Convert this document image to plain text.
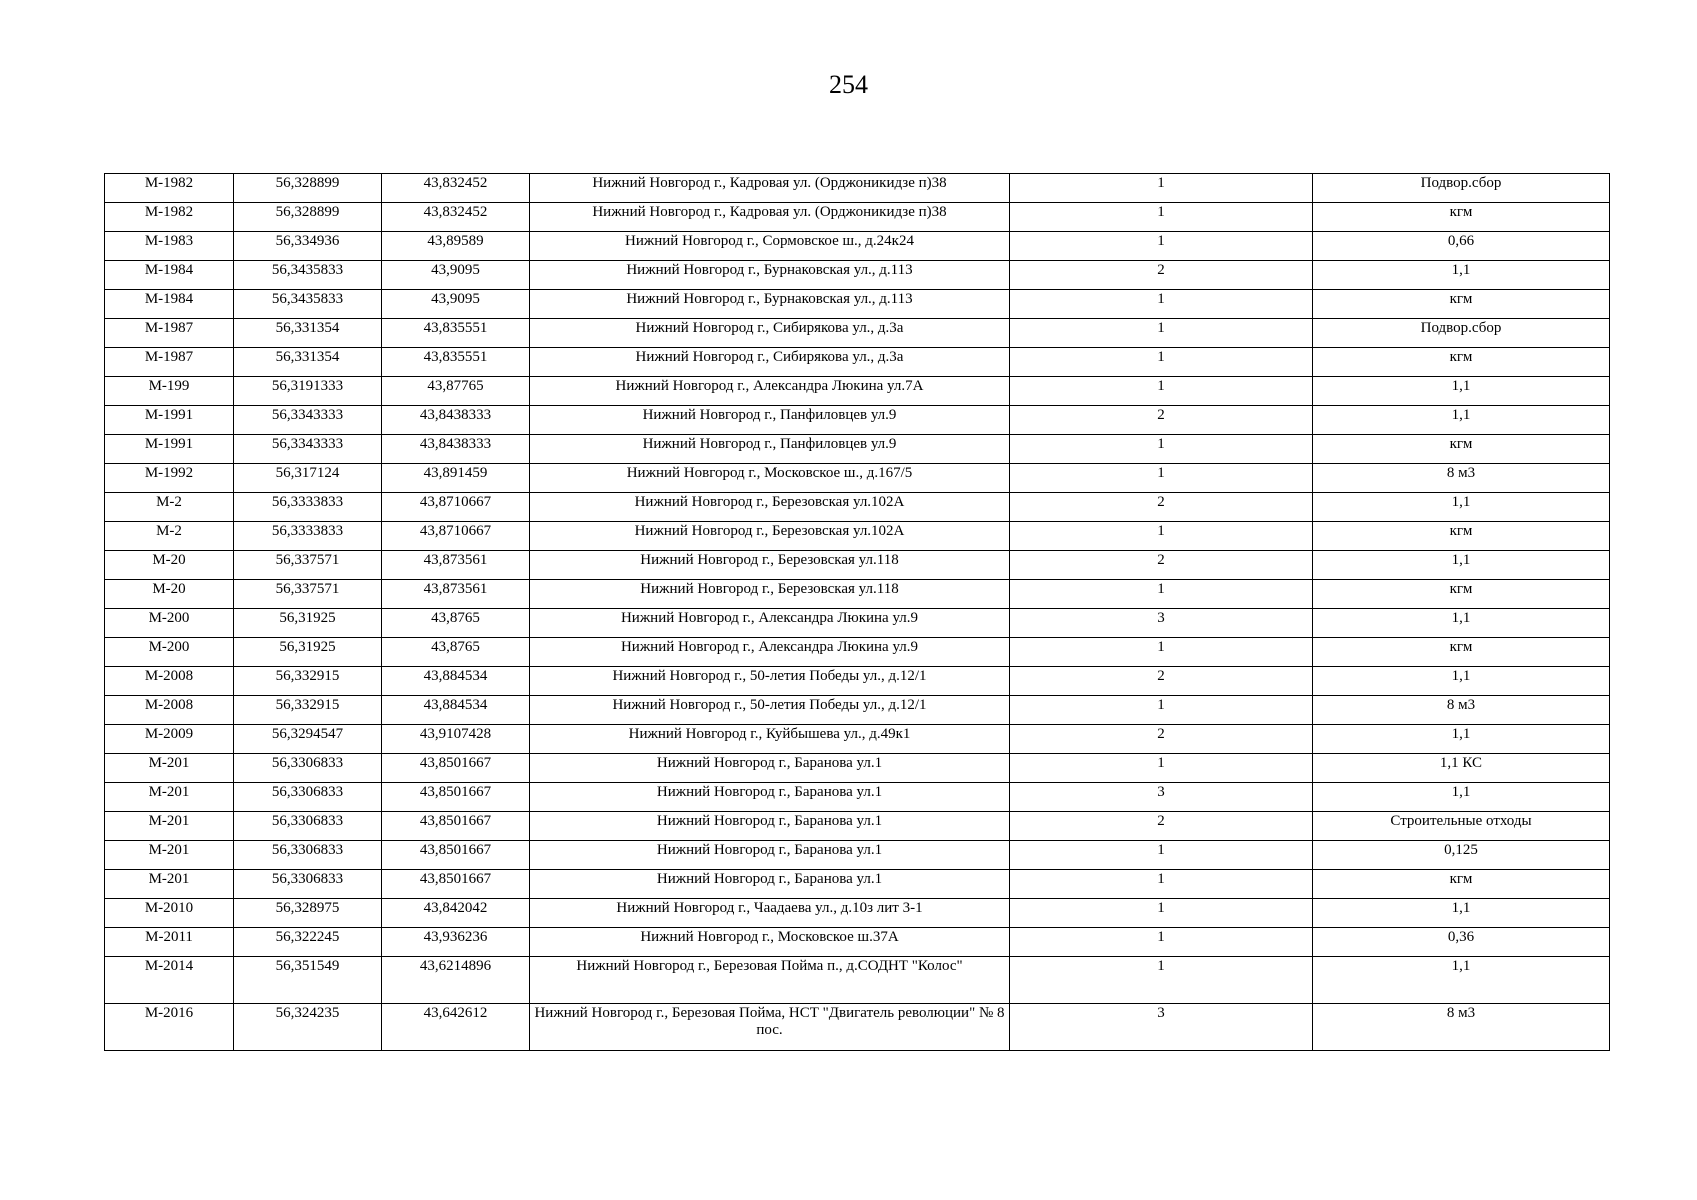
254
М-1982	56,328899	43,832452	Нижний Новгород г., Кадровая ул. (Орджоникидзе п)38	1	Подвор.сбор
М-1982	56,328899	43,832452	Нижний Новгород г., Кадровая ул. (Орджоникидзе п)38	1	кгм
М-1983	56,334936	43,89589	Нижний Новгород г., Сормовское ш., д.24к24	1	0,66
М-1984	56,3435833	43,9095	Нижний Новгород г., Бурнаковская ул., д.113	2	1,1
М-1984	56,3435833	43,9095	Нижний Новгород г., Бурнаковская ул., д.113	1	кгм
М-1987	56,331354	43,835551	Нижний Новгород г., Сибирякова ул., д.3а	1	Подвор.сбор
М-1987	56,331354	43,835551	Нижний Новгород г., Сибирякова ул., д.3а	1	кгм
М-199	56,3191333	43,87765	Нижний Новгород г., Александра Люкина ул.7А	1	1,1
М-1991	56,3343333	43,8438333	Нижний Новгород г., Панфиловцев ул.9	2	1,1
М-1991	56,3343333	43,8438333	Нижний Новгород г., Панфиловцев ул.9	1	кгм
М-1992	56,317124	43,891459	Нижний Новгород г., Московское ш., д.167/5	1	8 м3
М-2	56,3333833	43,8710667	Нижний Новгород г., Березовская ул.102А	2	1,1
М-2	56,3333833	43,8710667	Нижний Новгород г., Березовская ул.102А	1	кгм
М-20	56,337571	43,873561	Нижний Новгород г., Березовская ул.118	2	1,1
М-20	56,337571	43,873561	Нижний Новгород г., Березовская ул.118	1	кгм
М-200	56,31925	43,8765	Нижний Новгород г., Александра Люкина ул.9	3	1,1
М-200	56,31925	43,8765	Нижний Новгород г., Александра Люкина ул.9	1	кгм
М-2008	56,332915	43,884534	Нижний Новгород г., 50-летия Победы ул., д.12/1	2	1,1
М-2008	56,332915	43,884534	Нижний Новгород г., 50-летия Победы ул., д.12/1	1	8 м3
М-2009	56,3294547	43,9107428	Нижний Новгород г., Куйбышева ул., д.49к1	2	1,1
М-201	56,3306833	43,8501667	Нижний Новгород г., Баранова ул.1	1	1,1 КС
М-201	56,3306833	43,8501667	Нижний Новгород г., Баранова ул.1	3	1,1
М-201	56,3306833	43,8501667	Нижний Новгород г., Баранова ул.1	2	Строительные отходы
М-201	56,3306833	43,8501667	Нижний Новгород г., Баранова ул.1	1	0,125
М-201	56,3306833	43,8501667	Нижний Новгород г., Баранова ул.1	1	кгм
М-2010	56,328975	43,842042	Нижний Новгород г., Чаадаева ул., д.10з лит 3-1	1	1,1
М-2011	56,322245	43,936236	Нижний Новгород г., Московское ш.37А	1	0,36
М-2014	56,351549	43,6214896	Нижний Новгород г., Березовая Пойма п., д.СОДНТ "Колос"	1	1,1
М-2016	56,324235	43,642612	Нижний Новгород г., Березовая Пойма, НСТ "Двигатель революции" № 8 пос.	3	8 м3
